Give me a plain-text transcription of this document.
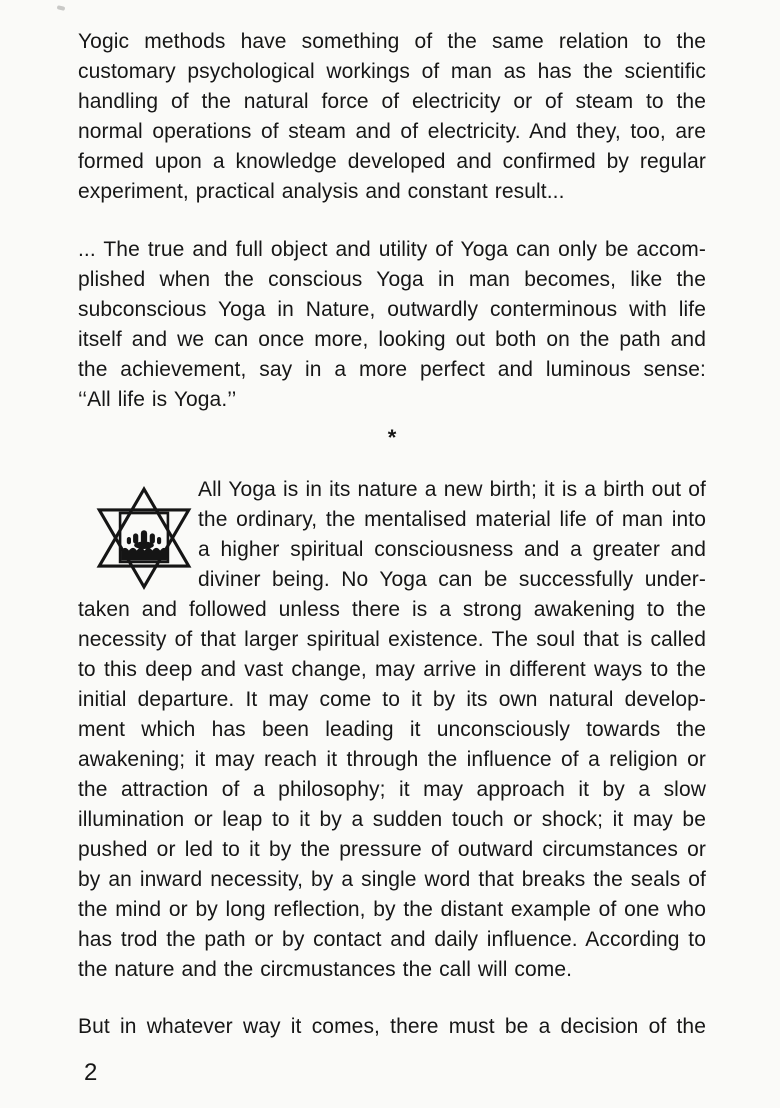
Yogic methods have something of the same relation to the
customary psychological workings of man as has the scientific
handling of the natural force of electricity or of steam to the
normal operations of steam and of electricity. And they, too, are
formed upon a knowledge developed and confirmed by regular
experiment, practical analysis and constant result...

... The true and full object and utility of Yoga can only be accom-
plished when the conscious Yoga in man becomes, like the
subconscious Yoga in Nature, outwardly conterminous with life
itself and we can once more, looking out both on the path and
the achievement, say in a more perfect and luminous sense:
‘‘All life is Yoga.’’

*

All Yoga is in its nature a new birth; it is a birth out of
the ordinary, the mentalised material life of man into
a higher spiritual consciousness and a greater and
diviner being. No Yoga can be successfully under-
taken and followed unless there is a strong awakening to the
necessity of that larger spiritual existence. The soul that is called
to this deep and vast change, may arrive in different ways to the
initial departure. It may come to it by its own natural develop-
ment which has been leading it unconsciously towards the
awakening; it may reach it through the influence of a religion or
the attraction of a philosophy; it may approach it by a slow
illumination or leap to it by a sudden touch or shock; it may be
pushed or led to it by the pressure of outward circumstances or
by an inward necessity, by a single word that breaks the seals of
the mind or by long reflection, by the distant example of one who
has trod the path or by contact and daily influence. According to
the nature and the circmustances the call will come.

But in whatever way it comes, there must be a decision of the

2
